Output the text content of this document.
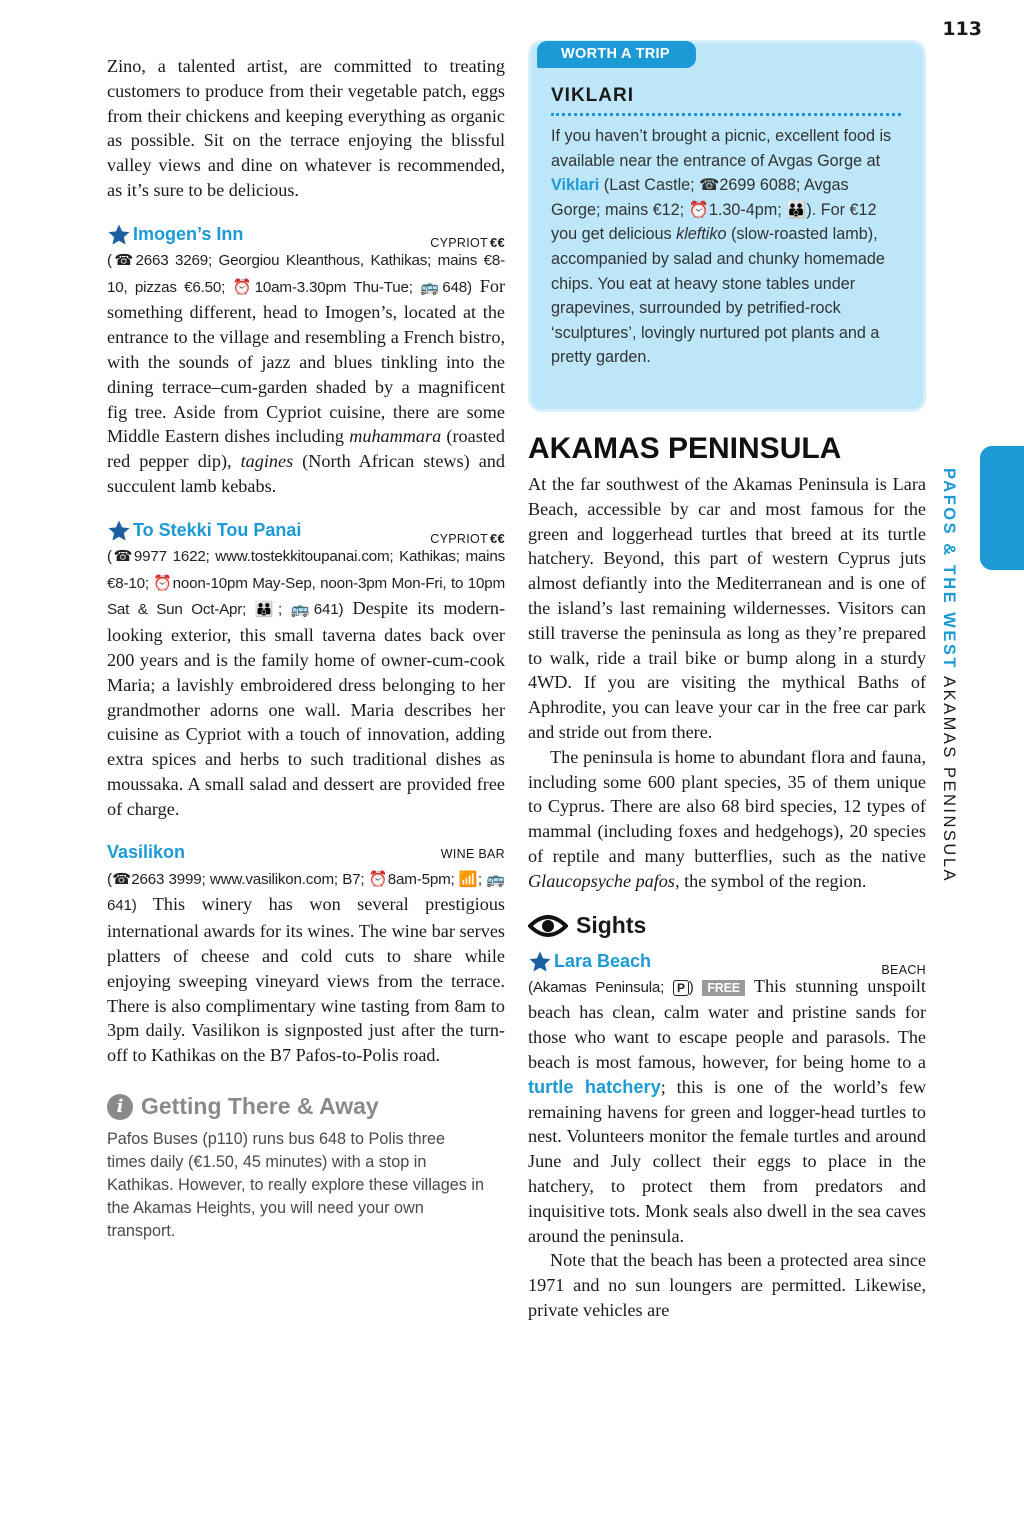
113

Zino, a talented artist, are committed to treating customers to produce from their vegetable patch, eggs from their chickens and keeping everything as organic as possible. Sit on the terrace enjoying the blissful valley views and dine on whatever is recommended, as it’s sure to be delicious.

Imogen’s Inn	CYPRIOT €€

(☎2663 3269; Georgiou Kleanthous, Kathikas; mains €8-10, pizzas €6.50; ⏰10am-3.30pm Thu-Tue; 🚌648) For something different, head to Imogen’s, located at the entrance to the village and resembling a French bistro, with the sounds of jazz and blues tinkling into the dining terrace–cum-garden shaded by a magnificent fig tree. Aside from Cypriot cuisine, there are some Middle Eastern dishes including muhammara (roasted red pepper dip), tagines (North African stews) and succulent lamb kebabs.

To Stekki Tou Panai	CYPRIOT €€

(☎9977 1622; www.tostekkitoupanai.com; Kathikas; mains €8-10; ⏰noon-10pm May-Sep, noon-3pm Mon-Fri, to 10pm Sat & Sun Oct-Apr; 👪; 🚌641) Despite its modern-looking exterior, this small taverna dates back over 200 years and is the family home of owner-cum-cook Maria; a lavishly embroidered dress belonging to her grandmother adorns one wall. Maria describes her cuisine as Cypriot with a touch of innovation, adding extra spices and herbs to such traditional dishes as moussaka. A small salad and dessert are provided free of charge.

Vasilikon	WINE BAR

(☎2663 3999; www.vasilikon.com; B7; ⏰8am-5pm; 📶; 🚌641) This winery has won several prestigious international awards for its wines. The wine bar serves platters of cheese and cold cuts to share while enjoying sweeping vineyard views from the terrace. There is also complimentary wine tasting from 8am to 3pm daily. Vasilikon is signposted just after the turn-off to Kathikas on the B7 Pafos-to-Polis road.

i Getting There & Away

Pafos Buses (p110) runs bus 648 to Polis three times daily (€1.50, 45 minutes) with a stop in Kathikas. However, to really explore these villages in the Akamas Heights, you will need your own transport.

WORTH A TRIP
VIKLARI

If you haven’t brought a picnic, excellent food is available near the entrance of Avgas Gorge at Viklari (Last Castle; ☎2699 6088; Avgas Gorge; mains €12; ⏰1.30-4pm; 👪). For €12 you get delicious kleftiko (slow-roasted lamb), accompanied by salad and chunky homemade chips. You eat at heavy stone tables under grapevines, surrounded by petrified-rock ‘sculptures’, lovingly nurtured pot plants and a pretty garden.

AKAMAS PENINSULA

At the far southwest of the Akamas Peninsula is Lara Beach, accessible by car and most famous for the green and loggerhead turtles that breed at its turtle hatchery. Beyond, this part of western Cyprus juts almost defiantly into the Mediterranean and is one of the island’s last remaining wildernesses. Visitors can still traverse the peninsula as long as they’re prepared to walk, ride a trail bike or bump along in a sturdy 4WD. If you are visiting the mythical Baths of Aphrodite, you can leave your car in the free car park and stride out from there.

The peninsula is home to abundant flora and fauna, including some 600 plant species, 35 of them unique to Cyprus. There are also 68 bird species, 12 types of mammal (including foxes and hedgehogs), 20 species of reptile and many butterflies, such as the native Glaucopsyche pafos, the symbol of the region.

Sights
Lara Beach	BEACH

(Akamas Peninsula; P ) FREE This stunning unspoilt beach has clean, calm water and pristine sands for those who want to escape people and parasols. The beach is most famous, however, for being home to a turtle hatchery; this is one of the world’s few remaining havens for green and logger-head turtles to nest. Volunteers monitor the female turtles and around June and July collect their eggs to place in the hatchery, to protect them from predators and inquisitive tots. Monk seals also dwell in the sea caves around the peninsula.

Note that the beach has been a protected area since 1971 and no sun loungers are permitted. Likewise, private vehicles are

PAFOS & THE WEST AKAMAS PENINSULA
